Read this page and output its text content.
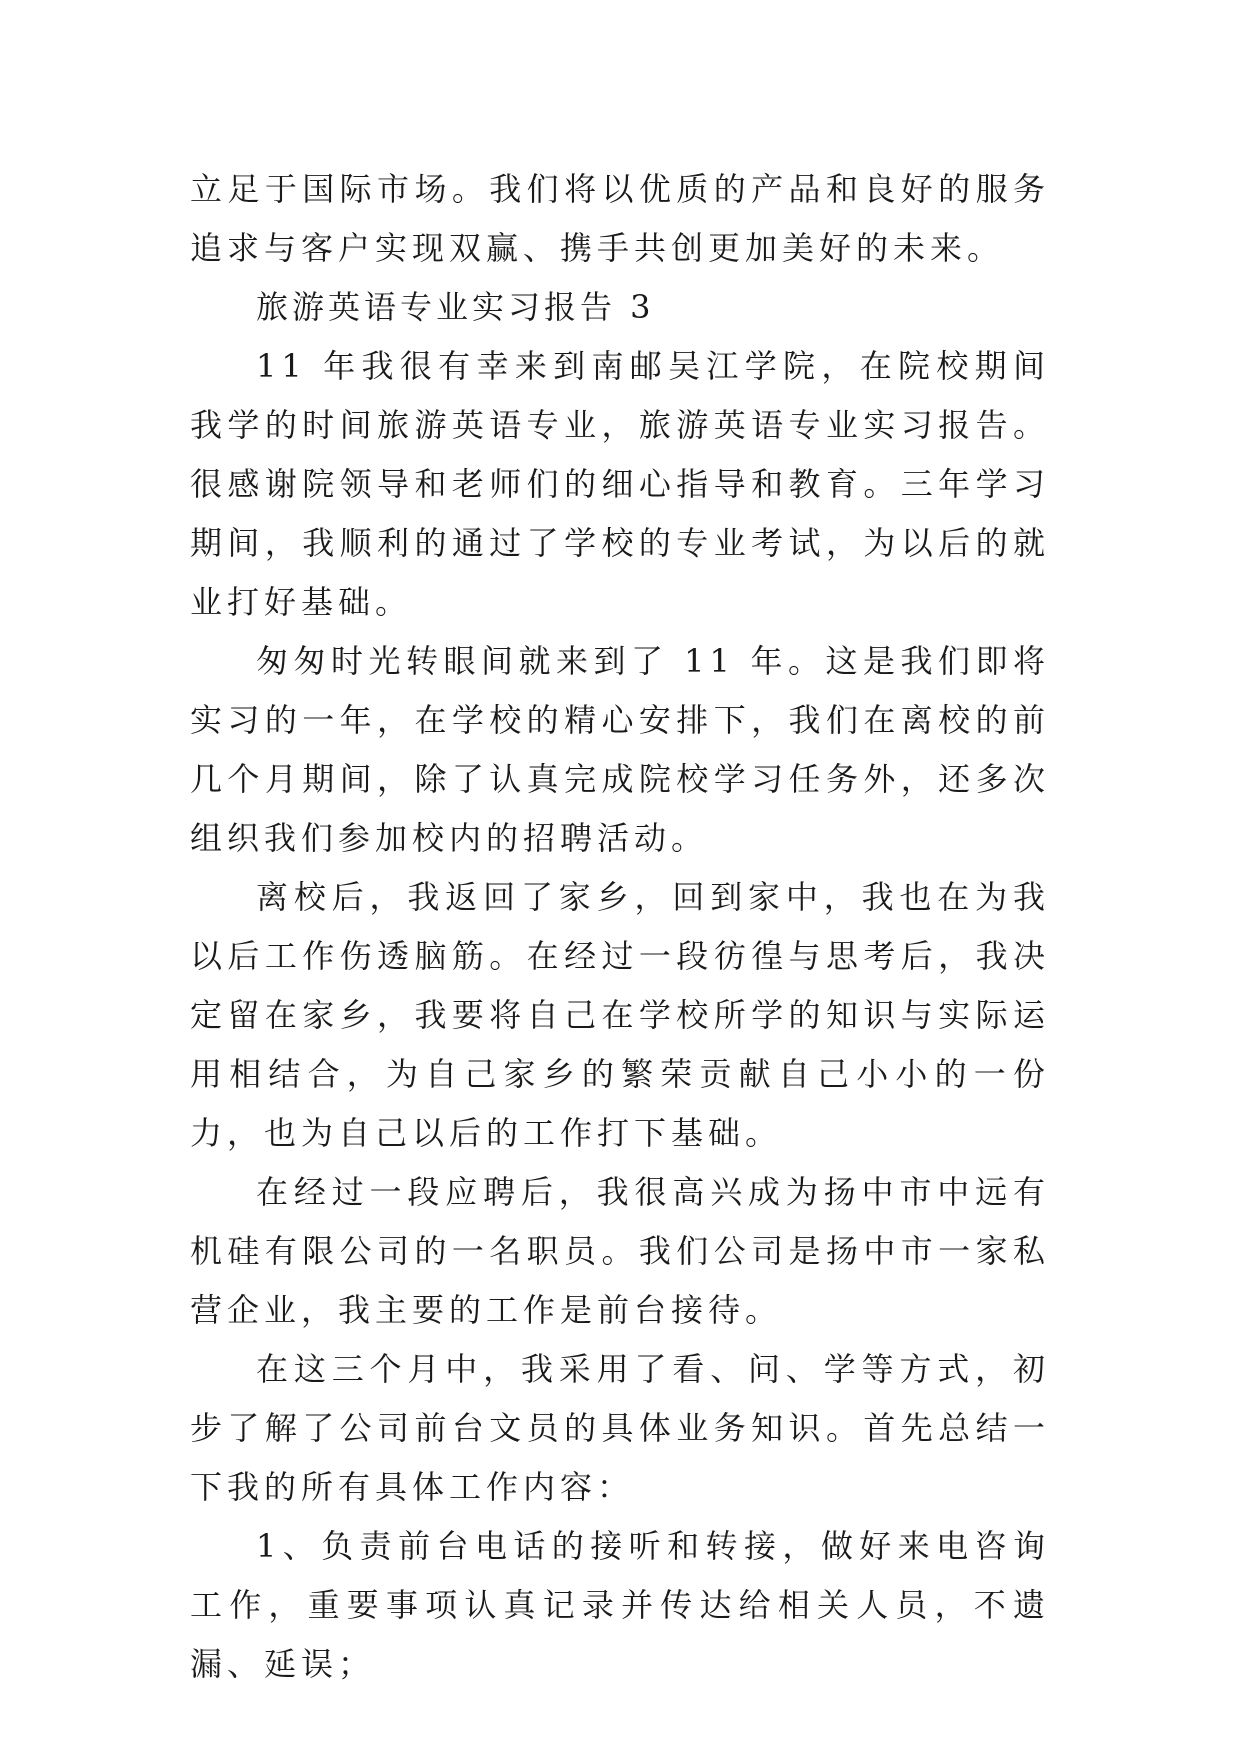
立足于国际市场。我们将以优质的产品和良好的服务追求与客户实现双赢、携手共创更加美好的未来。

旅游英语专业实习报告 3

11 年我很有幸来到南邮吴江学院，在院校期间我学的时间旅游英语专业，旅游英语专业实习报告。很感谢院领导和老师们的细心指导和教育。三年学习期间，我顺利的通过了学校的专业考试，为以后的就业打好基础。

匆匆时光转眼间就来到了 11 年。这是我们即将实习的一年，在学校的精心安排下，我们在离校的前几个月期间，除了认真完成院校学习任务外，还多次组织我们参加校内的招聘活动。

离校后，我返回了家乡，回到家中，我也在为我以后工作伤透脑筋。在经过一段彷徨与思考后，我决定留在家乡，我要将自己在学校所学的知识与实际运用相结合，为自己家乡的繁荣贡献自己小小的一份力，也为自己以后的工作打下基础。

在经过一段应聘后，我很高兴成为扬中市中远有机硅有限公司的一名职员。我们公司是扬中市一家私营企业，我主要的工作是前台接待。

在这三个月中，我采用了看、问、学等方式，初步了解了公司前台文员的具体业务知识。首先总结一下我的所有具体工作内容：

1、负责前台电话的接听和转接，做好来电咨询工作，重要事项认真记录并传达给相关人员，不遗漏、延误；
